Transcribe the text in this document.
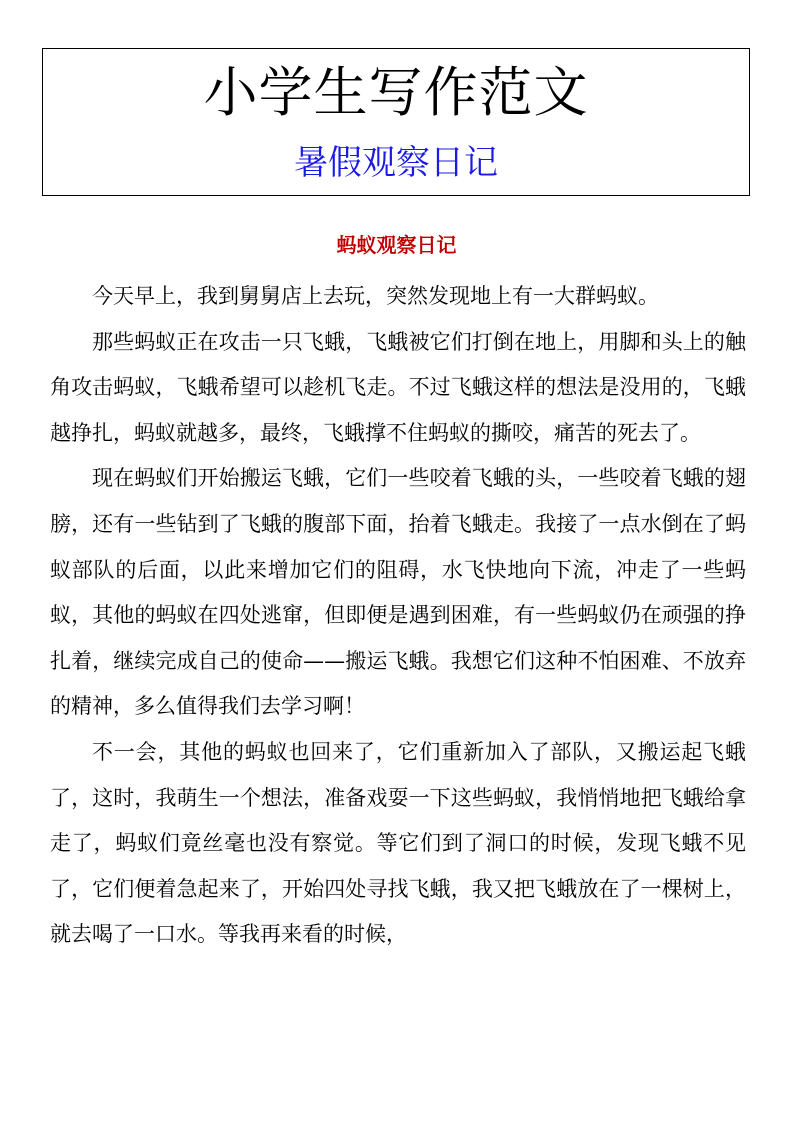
小学生写作范文
暑假观察日记
蚂蚁观察日记

今天早上，我到舅舅店上去玩，突然发现地上有一大群蚂蚁。

那些蚂蚁正在攻击一只飞蛾，飞蛾被它们打倒在地上，用脚和头上的触角攻击蚂蚁，飞蛾希望可以趁机飞走。不过飞蛾这样的想法是没用的，飞蛾越挣扎，蚂蚁就越多，最终，飞蛾撑不住蚂蚁的撕咬，痛苦的死去了。

现在蚂蚁们开始搬运飞蛾，它们一些咬着飞蛾的头，一些咬着飞蛾的翅膀，还有一些钻到了飞蛾的腹部下面，抬着飞蛾走。我接了一点水倒在了蚂蚁部队的后面，以此来增加它们的阻碍，水飞快地向下流，冲走了一些蚂蚁，其他的蚂蚁在四处逃窜，但即便是遇到困难，有一些蚂蚁仍在顽强的挣扎着，继续完成自己的使命——搬运飞蛾。我想它们这种不怕困难、不放弃的精神，多么值得我们去学习啊！

不一会，其他的蚂蚁也回来了，它们重新加入了部队，又搬运起飞蛾了，这时，我萌生一个想法，准备戏耍一下这些蚂蚁，我悄悄地把飞蛾给拿走了，蚂蚁们竟丝毫也没有察觉。等它们到了洞口的时候，发现飞蛾不见了，它们便着急起来了，开始四处寻找飞蛾，我又把飞蛾放在了一棵树上，就去喝了一口水。等我再来看的时候，
